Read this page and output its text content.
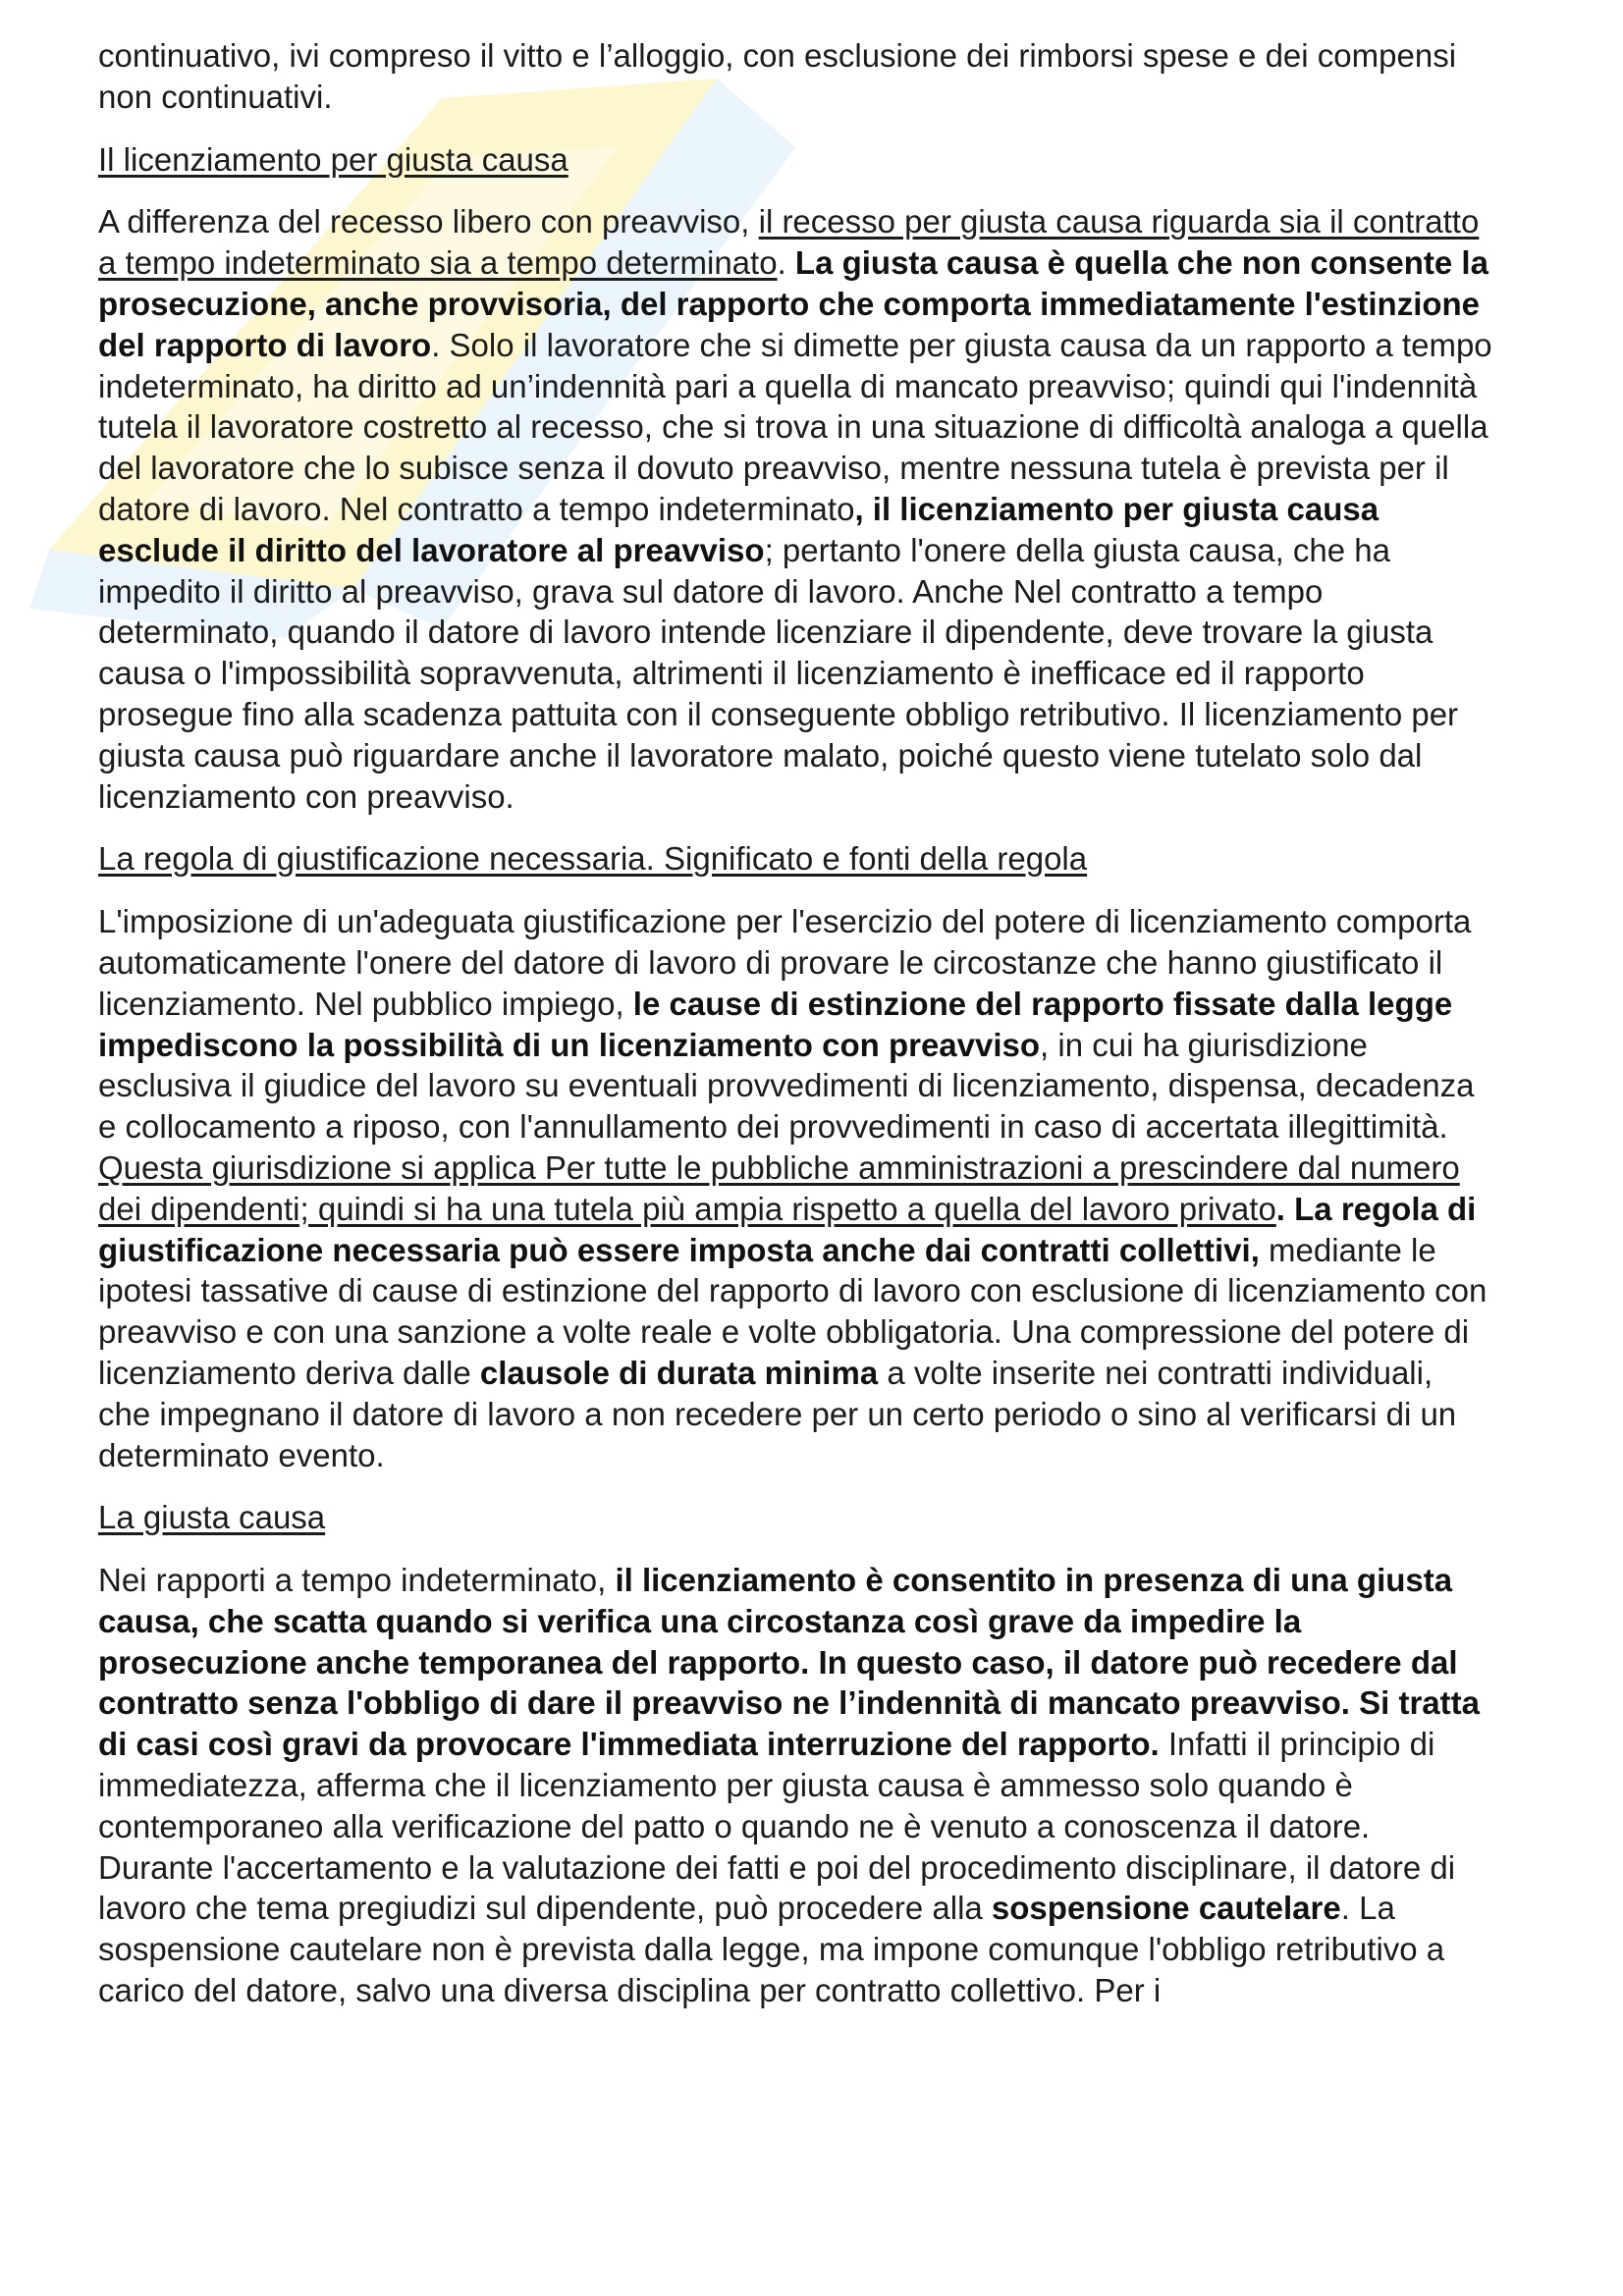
continuativo, ivi compreso il vitto e l’alloggio, con esclusione dei rimborsi spese e dei compensi non continuativi.

Il licenziamento per giusta causa

A differenza del recesso libero con preavviso, il recesso per giusta causa riguarda sia il contratto a tempo indeterminato sia a tempo determinato. La giusta causa è quella che non consente la prosecuzione, anche provvisoria, del rapporto che comporta immediatamente l'estinzione del rapporto di lavoro. Solo il lavoratore che si dimette per giusta causa da un rapporto a tempo indeterminato, ha diritto ad un’indennità pari a quella di mancato preavviso; quindi qui l'indennità tutela il lavoratore costretto al recesso, che si trova in una situazione di difficoltà analoga a quella del lavoratore che lo subisce senza il dovuto preavviso, mentre nessuna tutela è prevista per il datore di lavoro. Nel contratto a tempo indeterminato, il licenziamento per giusta causa esclude il diritto del lavoratore al preavviso; pertanto l'onere della giusta causa, che ha impedito il diritto al preavviso, grava sul datore di lavoro. Anche Nel contratto a tempo determinato, quando il datore di lavoro intende licenziare il dipendente, deve trovare la giusta causa o l'impossibilità sopravvenuta, altrimenti il licenziamento è inefficace ed il rapporto prosegue fino alla scadenza pattuita con il conseguente obbligo retributivo. Il licenziamento per giusta causa può riguardare anche il lavoratore malato, poiché questo viene tutelato solo dal licenziamento con preavviso.

La regola di giustificazione necessaria. Significato e fonti della regola

L'imposizione di un'adeguata giustificazione per l'esercizio del potere di licenziamento comporta automaticamente l'onere del datore di lavoro di provare le circostanze che hanno giustificato il licenziamento. Nel pubblico impiego, le cause di estinzione del rapporto fissate dalla legge impediscono la possibilità di un licenziamento con preavviso, in cui ha giurisdizione esclusiva il giudice del lavoro su eventuali provvedimenti di licenziamento, dispensa, decadenza e collocamento a riposo, con l'annullamento dei provvedimenti in caso di accertata illegittimità. Questa giurisdizione si applica Per tutte le pubbliche amministrazioni a prescindere dal numero dei dipendenti; quindi si ha una tutela più ampia rispetto a quella del lavoro privato. La regola di giustificazione necessaria può essere imposta anche dai contratti collettivi, mediante le ipotesi tassative di cause di estinzione del rapporto di lavoro con esclusione di licenziamento con preavviso e con una sanzione a volte reale e volte obbligatoria. Una compressione del potere di licenziamento deriva dalle clausole di durata minima a volte inserite nei contratti individuali, che impegnano il datore di lavoro a non recedere per un certo periodo o sino al verificarsi di un determinato evento.

La giusta causa

Nei rapporti a tempo indeterminato, il licenziamento è consentito in presenza di una giusta causa, che scatta quando si verifica una circostanza così grave da impedire la prosecuzione anche temporanea del rapporto. In questo caso, il datore può recedere dal contratto senza l'obbligo di dare il preavviso ne l’indennità di mancato preavviso. Si tratta di casi così gravi da provocare l'immediata interruzione del rapporto. Infatti il principio di immediatezza, afferma che il licenziamento per giusta causa è ammesso solo quando è contemporaneo alla verificazione del patto o quando ne è venuto a conoscenza il datore. Durante l'accertamento e la valutazione dei fatti e poi del procedimento disciplinare, il datore di lavoro che tema pregiudizi sul dipendente, può procedere alla sospensione cautelare. La sospensione cautelare non è prevista dalla legge, ma impone comunque l'obbligo retributivo a carico del datore, salvo una diversa disciplina per contratto collettivo. Per i
